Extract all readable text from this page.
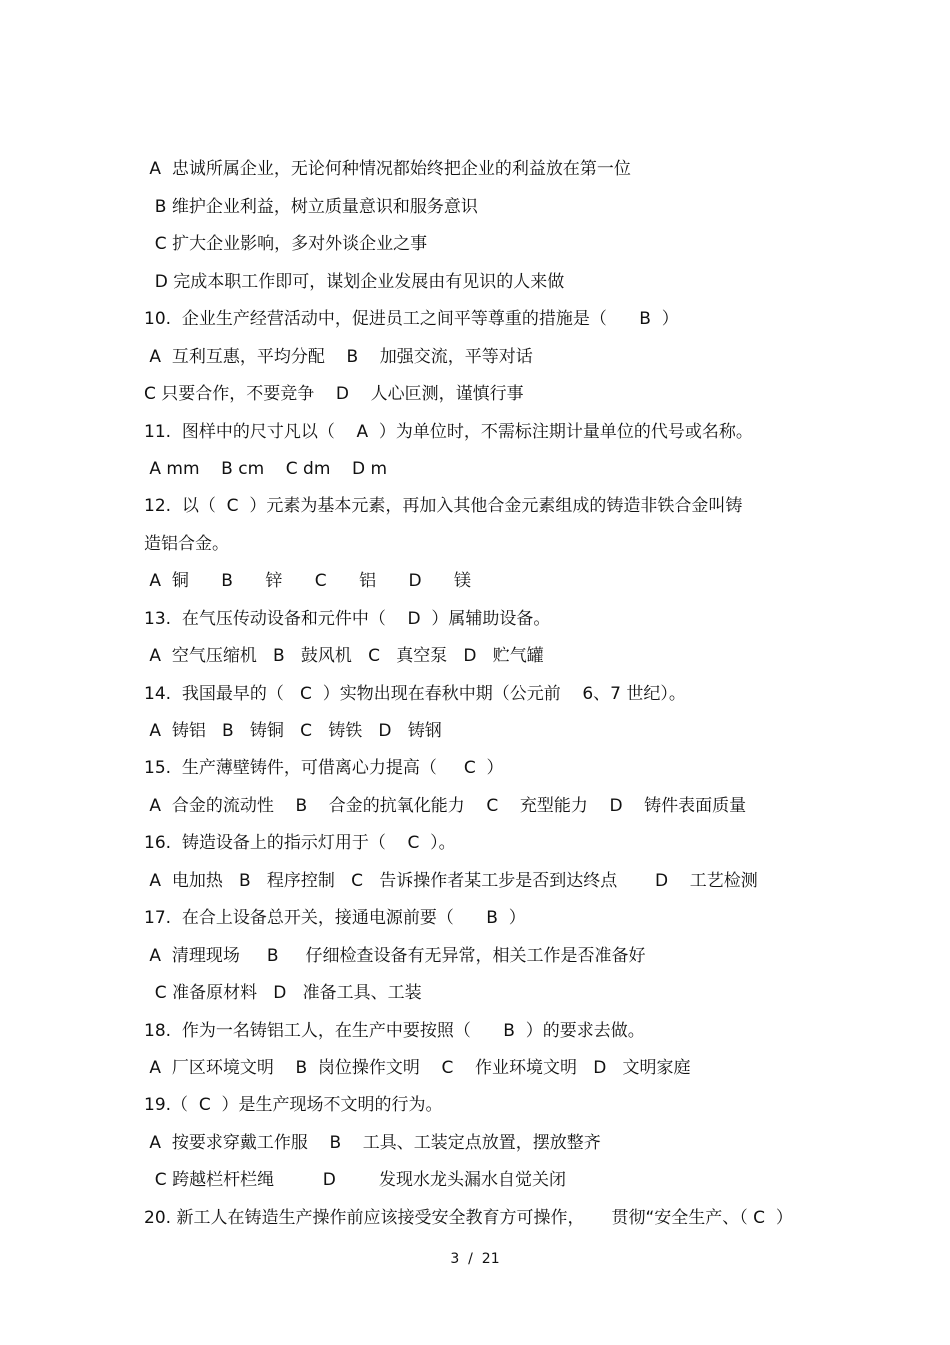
A  忠诚所属企业，无论何种情况都始终把企业的利益放在第一位
B 维护企业利益，树立质量意识和服务意识
C 扩大企业影响，多对外谈企业之事
D 完成本职工作即可，谋划企业发展由有见识的人来做
10.  企业生产经营活动中，促进员工之间平等尊重的措施是（      B  ）
A  互利互惠，平均分配    B    加强交流，平等对话
C 只要合作，不要竞争    D    人心叵测，谨慎行事
11.  图样中的尺寸凡以（    A  ）为单位时，不需标注期计量单位的代号或名称。
A mm    B cm    C dm    D m
12.  以（  C  ）元素为基本元素，再加入其他合金元素组成的铸造非铁合金叫铸
造铝合金。
A  铜      B      锌      C      铝      D      镁
13.  在气压传动设备和元件中（    D  ）属辅助设备。
A  空气压缩机   B   鼓风机   C   真空泵   D   贮气罐
14.  我国最早的（   C  ）实物出现在春秋中期（公元前    6、7 世纪）。
A  铸铝   B   铸铜   C   铸铁   D   铸钢
15.  生产薄壁铸件，可借离心力提高（     C  ）
A  合金的流动性    B    合金的抗氧化能力    C    充型能力    D    铸件表面质量
16.  铸造设备上的指示灯用于（    C  ）。
A  电加热   B   程序控制   C   告诉操作者某工步是否到达终点       D    工艺检测
17.  在合上设备总开关，接通电源前要（      B  ）
A  清理现场     B     仔细检查设备有无异常，相关工作是否准备好
C 准备原材料   D   准备工具、工装
18.  作为一名铸铝工人，在生产中要按照（      B  ）的要求去做。
A  厂区环境文明    B  岗位操作文明    C    作业环境文明   D   文明家庭
19.（  C  ）是生产现场不文明的行为。
A  按要求穿戴工作服    B    工具、工装定点放置，摆放整齐
C 跨越栏杆栏绳         D        发现水龙头漏水自觉关闭
20. 新工人在铸造生产操作前应该接受安全教育方可操作，     贯彻“安全生产、（ C  ）
3  /  21
